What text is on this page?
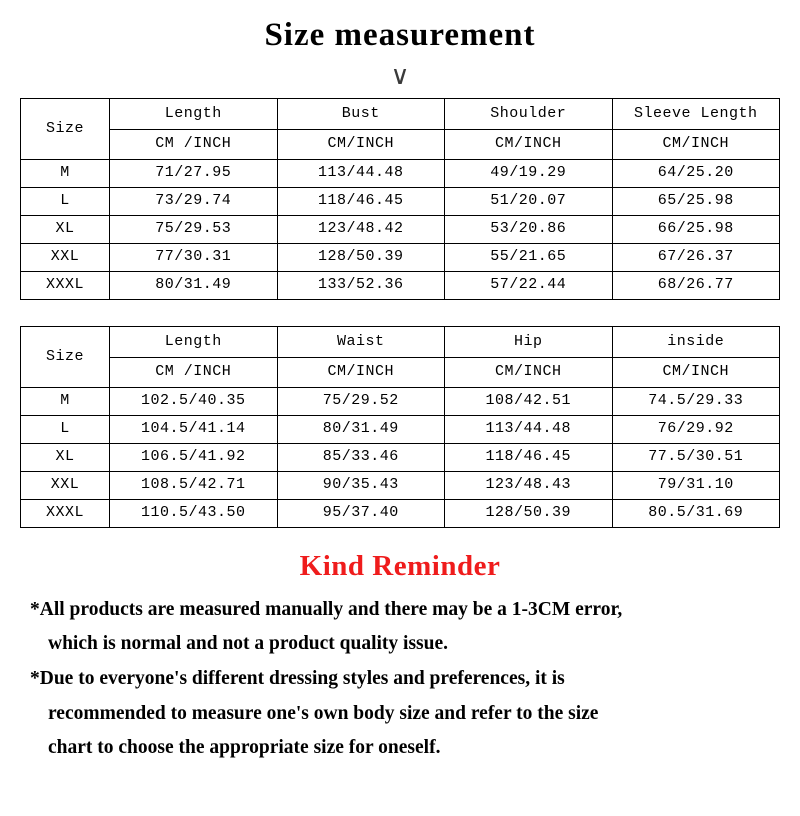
Size measurement
∨
Size	Length	Bust	Shoulder	Sleeve Length
	CM /INCH	CM/INCH	CM/INCH	CM/INCH
M	71/27.95	113/44.48	49/19.29	64/25.20
L	73/29.74	118/46.45	51/20.07	65/25.98
XL	75/29.53	123/48.42	53/20.86	66/25.98
XXL	77/30.31	128/50.39	55/21.65	67/26.37
XXXL	80/31.49	133/52.36	57/22.44	68/26.77
Size	Length	Waist	Hip	inside
	CM /INCH	CM/INCH	CM/INCH	CM/INCH
M	102.5/40.35	75/29.52	108/42.51	74.5/29.33
L	104.5/41.14	80/31.49	113/44.48	76/29.92
XL	106.5/41.92	85/33.46	118/46.45	77.5/30.51
XXL	108.5/42.71	90/35.43	123/48.43	79/31.10
XXXL	110.5/43.50	95/37.40	128/50.39	80.5/31.69
Kind Reminder
*All products are measured manually and there may be a 1-3CM error,
which is normal and not a product quality issue.
*Due to everyone's different dressing styles and preferences, it is
recommended to measure one's own body size and refer to the size
chart to choose the appropriate size for oneself.
